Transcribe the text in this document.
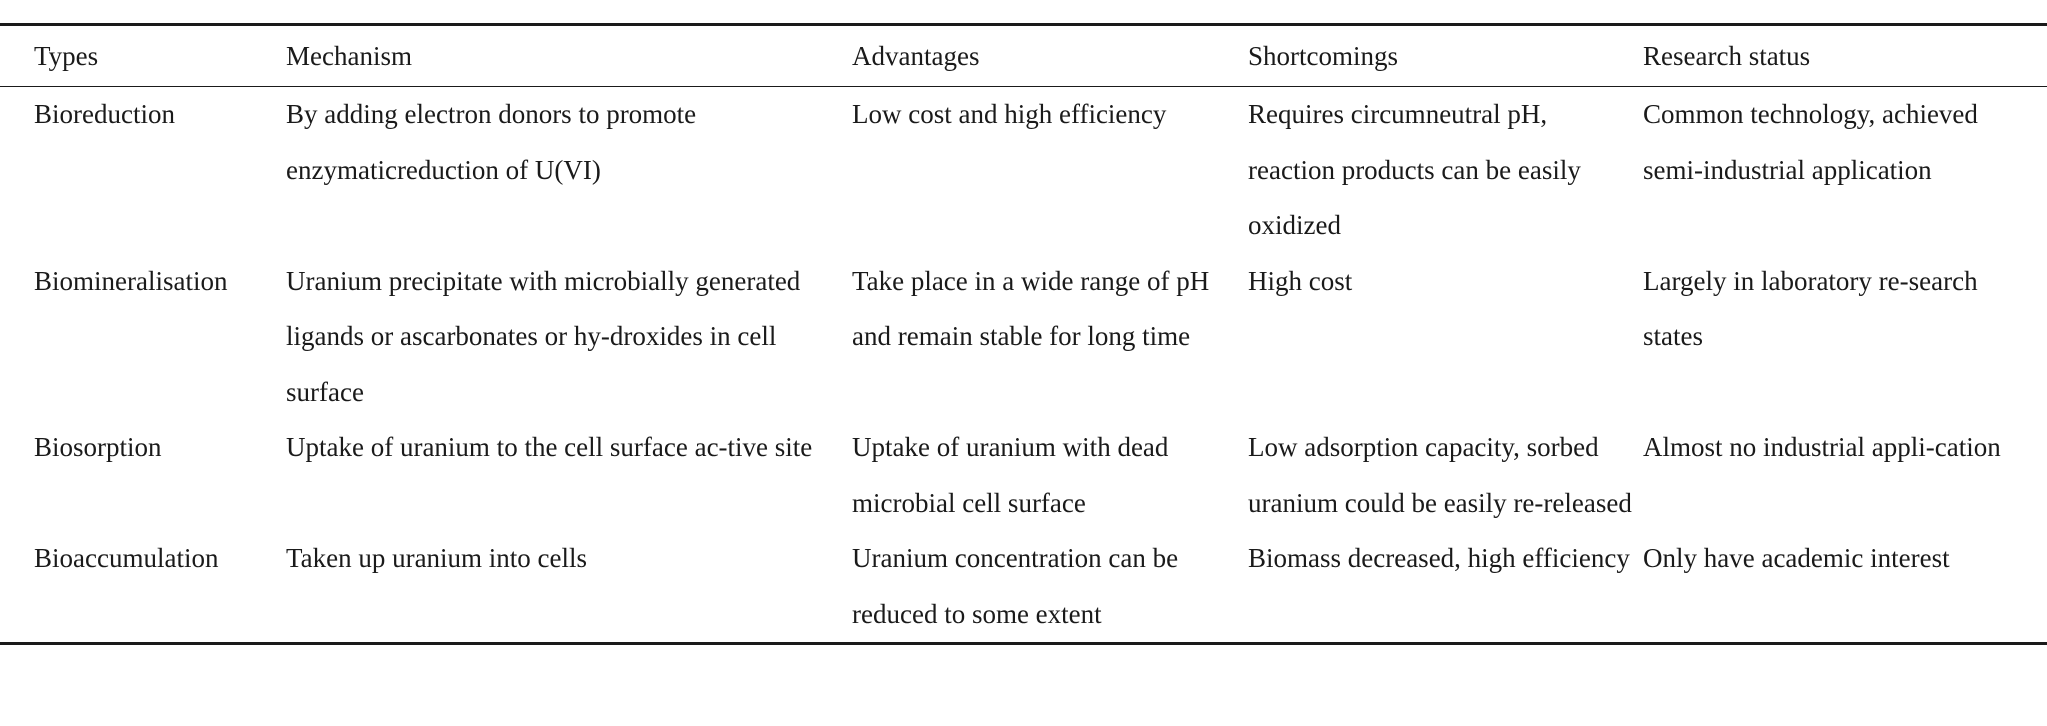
Types	Mechanism	Advantages	Shortcomings	Research status
Bioreduction	By adding electron donors to promote enzymaticreduction of U(VI)	Low cost and high efficiency	Requires circumneutral pH, reaction products can be easily oxidized	Common technology, achieved semi-industrial application
Biomineralisation	Uranium precipitate with microbially generated ligands or ascarbonates or hy-droxides in cell surface	Take place in a wide range of pH and remain stable for long time	High cost	Largely in laboratory re-search states
Biosorption	Uptake of uranium to the cell surface ac-tive site	Uptake of uranium with dead microbial cell surface	Low adsorption capacity, sorbed uranium could be easily re-released	Almost no industrial appli-cation
Bioaccumulation	Taken up uranium into cells	Uranium concentration can be reduced to some extent	Biomass decreased, high efficiency	Only have academic interest
